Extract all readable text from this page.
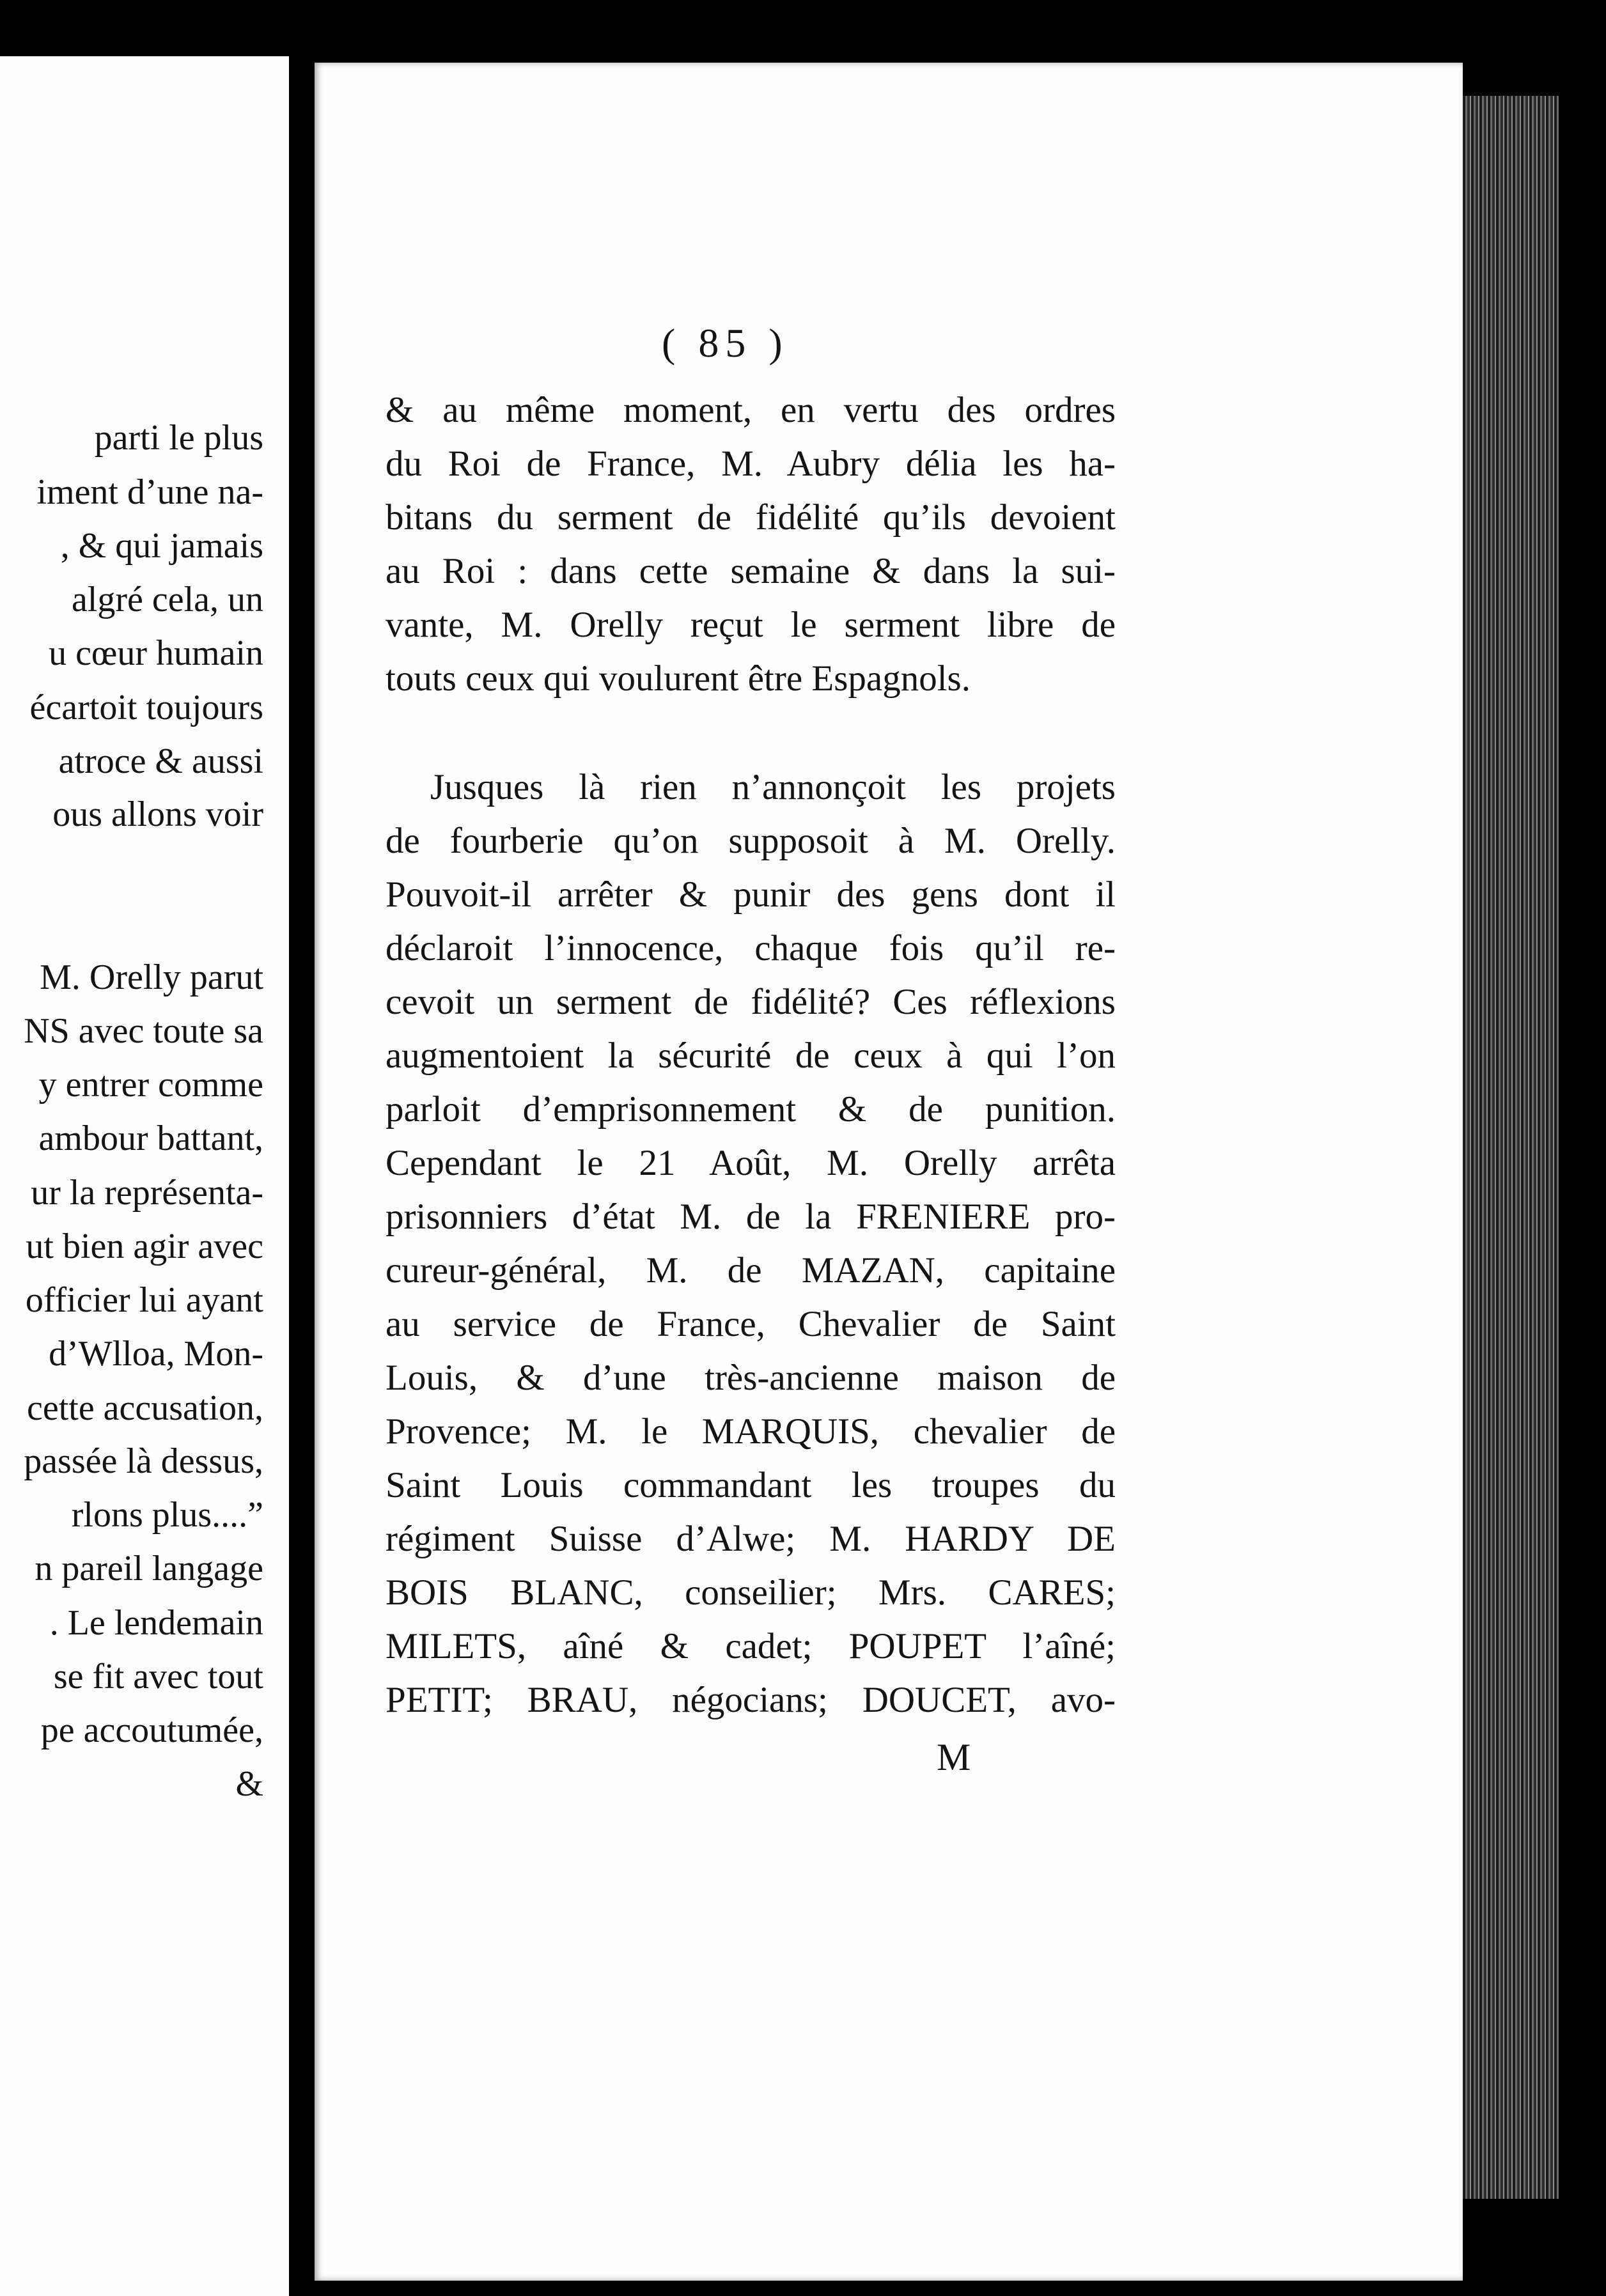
parti le plus
iment d’une na-
, & qui jamais
algré cela, un
u cœur humain
écartoit toujours
atroce & aussi
ous allons voir
M. Orelly parut
NS avec toute sa
y entrer comme
ambour battant,
ur la représenta-
ut bien agir avec
officier lui ayant
d’Wlloa, Mon-
cette accusation,
passée là dessus,
rlons plus....”
n pareil langage
. Le lendemain
se fit avec tout
pe accoutumée,
&
( 85 )
& au même moment, en vertu des ordres
du Roi de France, M. Aubry délia les ha-
bitans du serment de fidélité qu’ils devoient
au Roi : dans cette semaine & dans la sui-
vante, M. Orelly reçut le serment libre de
touts ceux qui voulurent être Espagnols.
Jusques là rien n’annonçoit les projets
de fourberie qu’on supposoit à M. Orelly.
Pouvoit-il arrêter & punir des gens dont il
déclaroit l’innocence, chaque fois qu’il re-
cevoit un serment de fidélité? Ces réflexions
augmentoient la sécurité de ceux à qui l’on
parloit d’emprisonnement & de punition.
Cependant le 21 Août, M. Orelly arrêta
prisonniers d’état M. de la FRENIERE pro-
cureur-général, M. de MAZAN, capitaine
au service de France, Chevalier de Saint
Louis, & d’une très-ancienne maison de
Provence; M. le MARQUIS, chevalier de
Saint Louis commandant les troupes du
régiment Suisse d’Alwe; M. HARDY DE
BOIS BLANC, conseilier; Mrs. CARES;
MILETS, aîné & cadet; POUPET l’aîné;
PETIT; BRAU, négocians; DOUCET, avo-
M
